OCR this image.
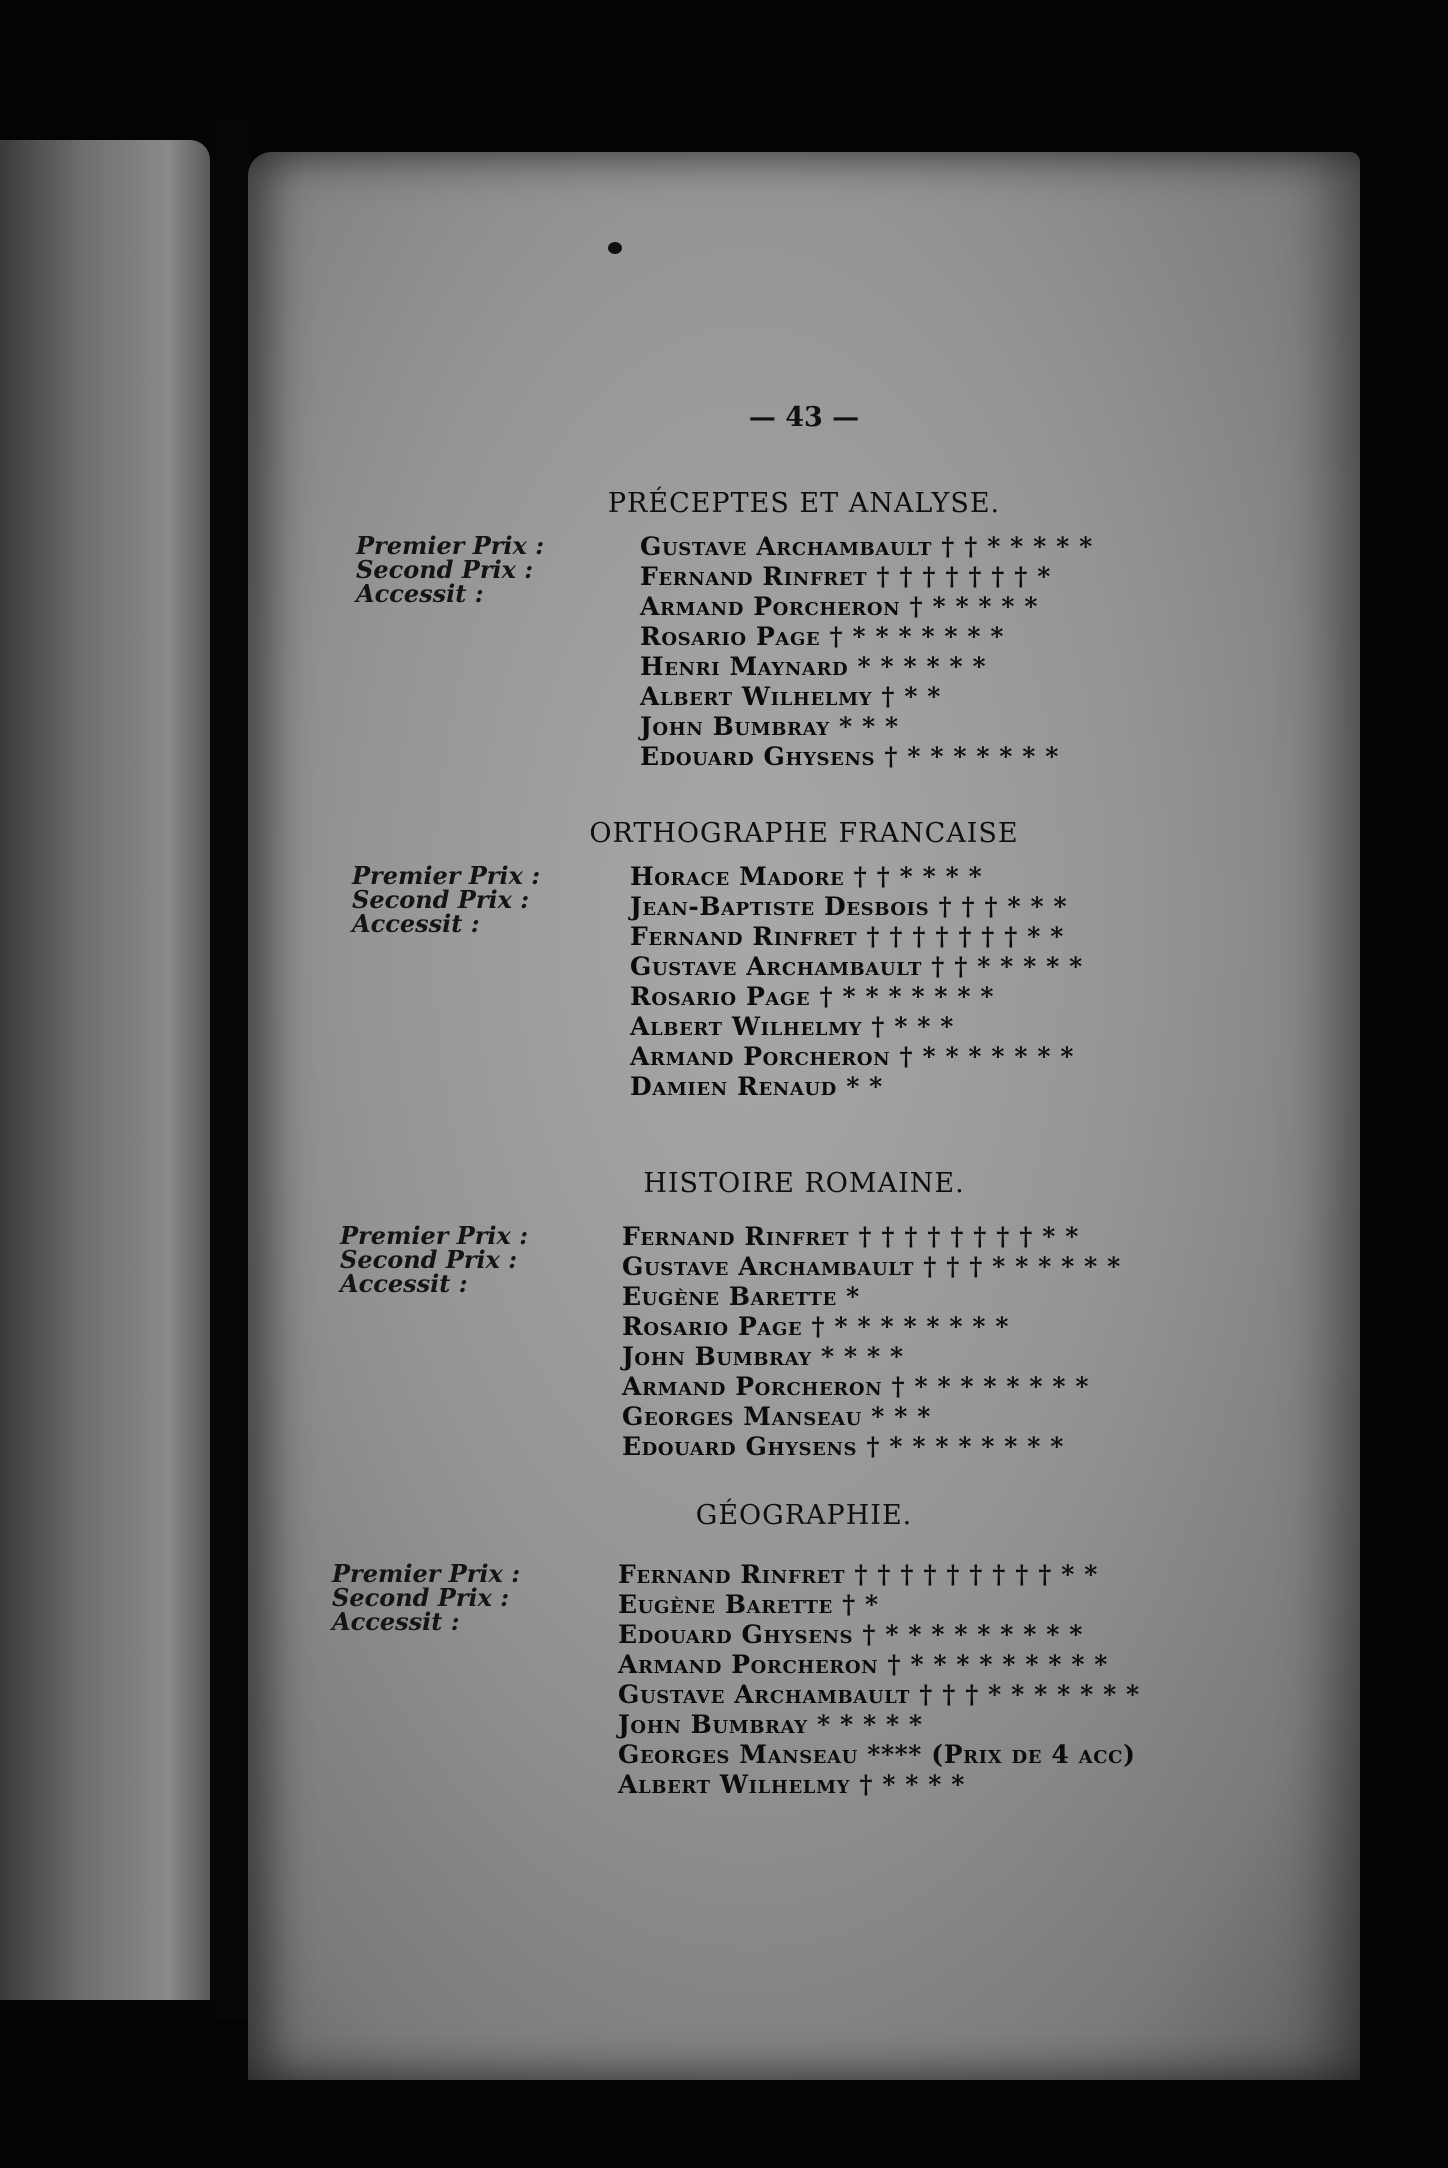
— 43 —
PRÉCEPTES ET ANALYSE.
Premier Prix :
Second Prix :
Accessit :
Gustave Archambault † † * * * * *
Fernand Rinfret † † † † † † † *
Armand Porcheron † * * * * *
Rosario Page † * * * * * * *
Henri Maynard * * * * * *
Albert Wilhelmy † * *
John Bumbray * * *
Edouard Ghysens † * * * * * * *
ORTHOGRAPHE FRANCAISE
Premier Prix :
Second Prix :
Accessit :
Horace Madore † † * * * *
Jean-Baptiste Desbois † † † * * *
Fernand Rinfret † † † † † † † * *
Gustave Archambault † † * * * * *
Rosario Page † * * * * * * *
Albert Wilhelmy † * * *
Armand Porcheron † * * * * * * *
Damien Renaud * *
HISTOIRE ROMAINE.
Premier Prix :
Second Prix :
Accessit :
Fernand Rinfret † † † † † † † † * *
Gustave Archambault † † † * * * * * *
Eugène Barette *
Rosario Page † * * * * * * * *
John Bumbray * * * *
Armand Porcheron † * * * * * * * *
Georges Manseau * * *
Edouard Ghysens † * * * * * * * *
GÉOGRAPHIE.
Premier Prix :
Second Prix :
Accessit :
Fernand Rinfret † † † † † † † † † * *
Eugène Barette † *
Edouard Ghysens † * * * * * * * * *
Armand Porcheron † * * * * * * * * *
Gustave Archambault † † † * * * * * * *
John Bumbray * * * * *
Georges Manseau **** (Prix de 4 acc)
Albert Wilhelmy † * * * *
